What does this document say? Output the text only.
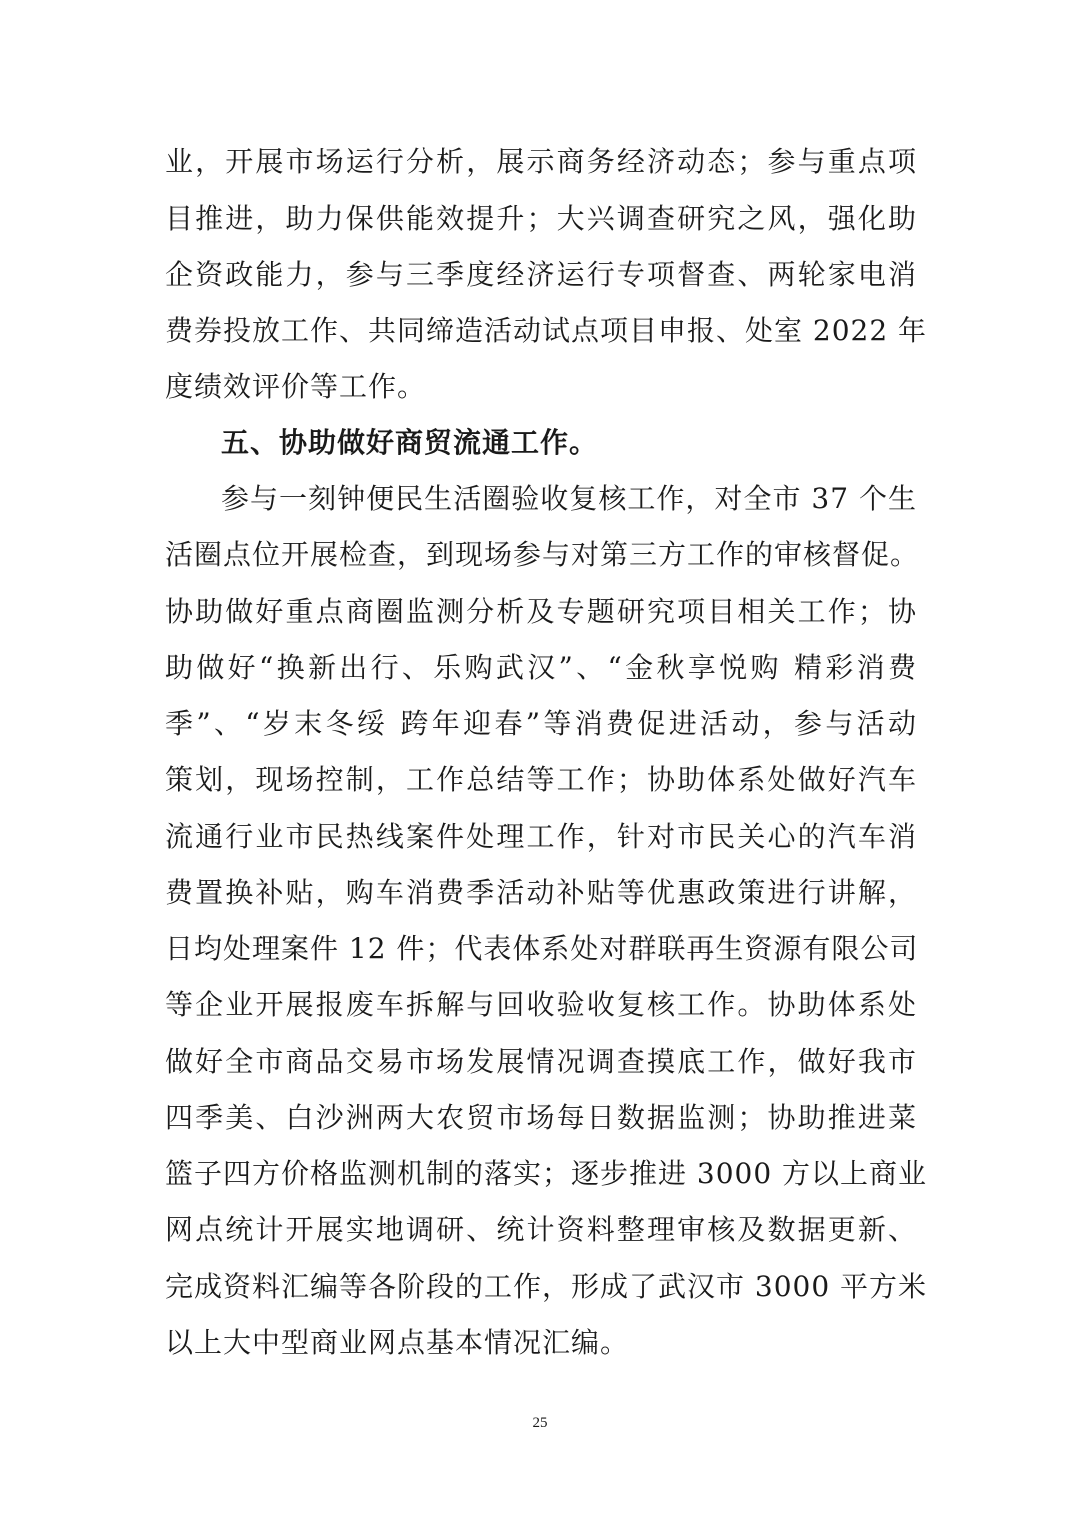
业，开展市场运行分析，展示商务经济动态；参与重点项
目推进，助力保供能效提升；大兴调查研究之风，强化助
企资政能力，参与三季度经济运行专项督查、两轮家电消
费券投放工作、共同缔造活动试点项目申报、处室 2022 年
度绩效评价等工作。
五、协助做好商贸流通工作。
参与一刻钟便民生活圈验收复核工作，对全市 37 个生
活圈点位开展检查，到现场参与对第三方工作的审核督促。
协助做好重点商圈监测分析及专题研究项目相关工作；协
助做好“换新出行、乐购武汉”、“金秋享悦购 精彩消费
季”、“岁末冬绥 跨年迎春”等消费促进活动，参与活动
策划，现场控制，工作总结等工作；协助体系处做好汽车
流通行业市民热线案件处理工作，针对市民关心的汽车消
费置换补贴，购车消费季活动补贴等优惠政策进行讲解，
日均处理案件 12 件；代表体系处对群联再生资源有限公司
等企业开展报废车拆解与回收验收复核工作。协助体系处
做好全市商品交易市场发展情况调查摸底工作，做好我市
四季美、白沙洲两大农贸市场每日数据监测；协助推进菜
篮子四方价格监测机制的落实；逐步推进 3000 方以上商业
网点统计开展实地调研、统计资料整理审核及数据更新、
完成资料汇编等各阶段的工作，形成了武汉市 3000 平方米
以上大中型商业网点基本情况汇编。
25
